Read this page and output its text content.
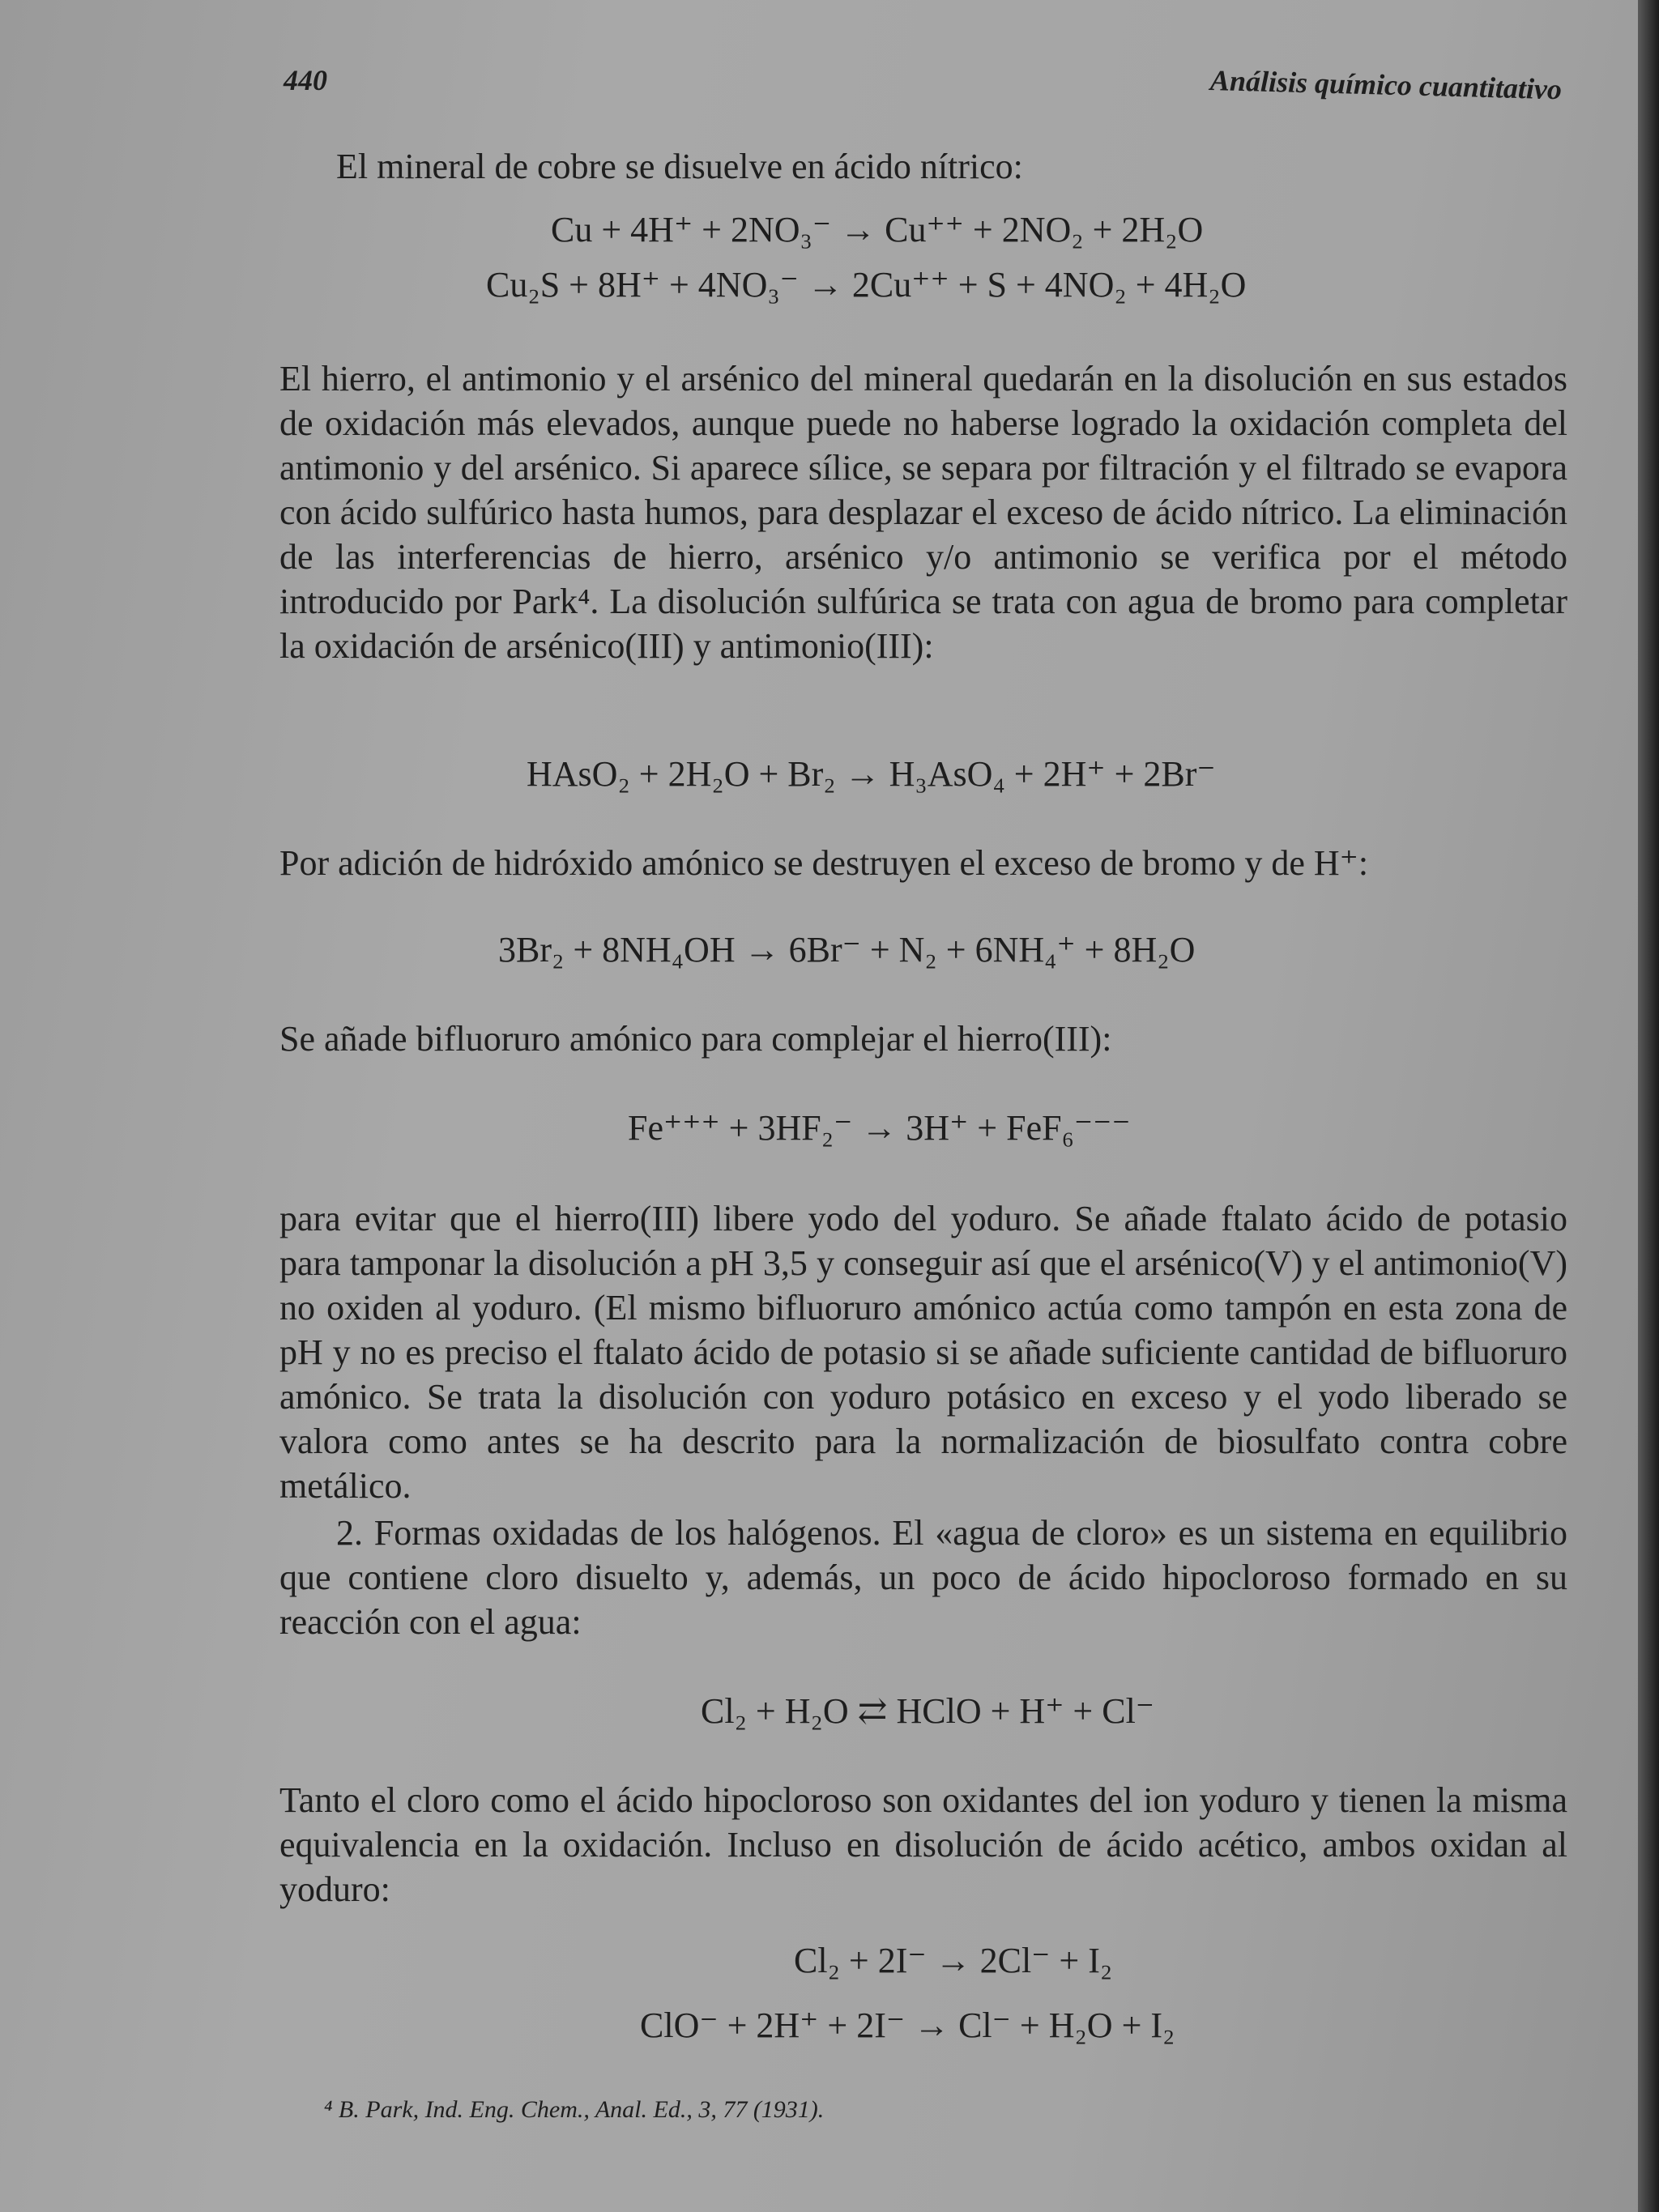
440	Análisis químico cuantitativo
El mineral de cobre se disuelve en ácido nítrico:
Cu + 4H⁺ + 2NO₃⁻ → Cu⁺⁺ + 2NO₂ + 2H₂O
Cu₂S + 8H⁺ + 4NO₃⁻ → 2Cu⁺⁺ + S + 4NO₂ + 4H₂O
El hierro, el antimonio y el arsénico del mineral quedarán en la disolución en sus estados de oxidación más elevados, aunque puede no haberse logrado la oxidación completa del antimonio y del arsénico. Si aparece sílice, se separa por filtración y el filtrado se evapora con ácido sulfúrico hasta humos, para desplazar el exceso de ácido nítrico. La eliminación de las interferencias de hierro, arsénico y/o antimonio se verifica por el método introducido por Park⁴. La disolución sulfúrica se trata con agua de bromo para completar la oxidación de arsénico(III) y antimonio(III):
HAsO₂ + 2H₂O + Br₂ → H₃AsO₄ + 2H⁺ + 2Br⁻
Por adición de hidróxido amónico se destruyen el exceso de bromo y de H⁺:
3Br₂ + 8NH₄OH → 6Br⁻ + N₂ + 6NH₄⁺ + 8H₂O
Se añade bifluoruro amónico para complejar el hierro(III):
Fe⁺⁺⁺ + 3HF₂⁻ → 3H⁺ + FeF₆⁻⁻⁻
para evitar que el hierro(III) libere yodo del yoduro. Se añade ftalato ácido de potasio para tamponar la disolución a pH 3,5 y conseguir así que el arsénico(V) y el antimonio(V) no oxiden al yoduro. (El mismo bifluoruro amónico actúa como tampón en esta zona de pH y no es preciso el ftalato ácido de potasio si se añade suficiente cantidad de bifluoruro amónico. Se trata la disolución con yoduro potásico en exceso y el yodo liberado se valora como antes se ha descrito para la normalización de biosulfato contra cobre metálico.
2. Formas oxidadas de los halógenos. El «agua de cloro» es un sistema en equilibrio que contiene cloro disuelto y, además, un poco de ácido hipocloroso formado en su reacción con el agua:
Cl₂ + H₂O ⇄ HClO + H⁺ + Cl⁻
Tanto el cloro como el ácido hipocloroso son oxidantes del ion yoduro y tienen la misma equivalencia en la oxidación. Incluso en disolución de ácido acético, ambos oxidan al yoduro:
Cl₂ + 2I⁻ → 2Cl⁻ + I₂
ClO⁻ + 2H⁺ + 2I⁻ → Cl⁻ + H₂O + I₂
⁴ B. Park, Ind. Eng. Chem., Anal. Ed., 3, 77 (1931).
